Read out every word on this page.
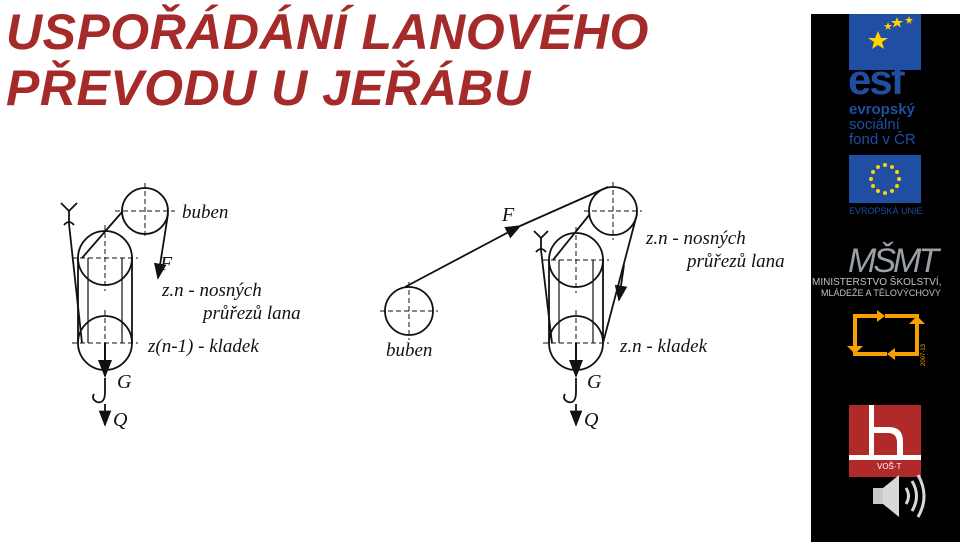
USPOŘÁDÁNÍ LANOVÉHO
PŘEVODU U JEŘÁBU
buben
F
z.n - nosných
průřezů lana
z(n-1) - kladek
G
Q
buben
F
z.n - nosných
průřezů lana
z.n - kladek
G
Q
esf
evropský
sociální
fond v ČR
EVROPSKÁ UNIE
MŠMT
MINISTERSTVO ŠKOLSTVÍ,
MLÁDEŽE A TĚLOVÝCHOVY
2007-13
VOŠ·T
